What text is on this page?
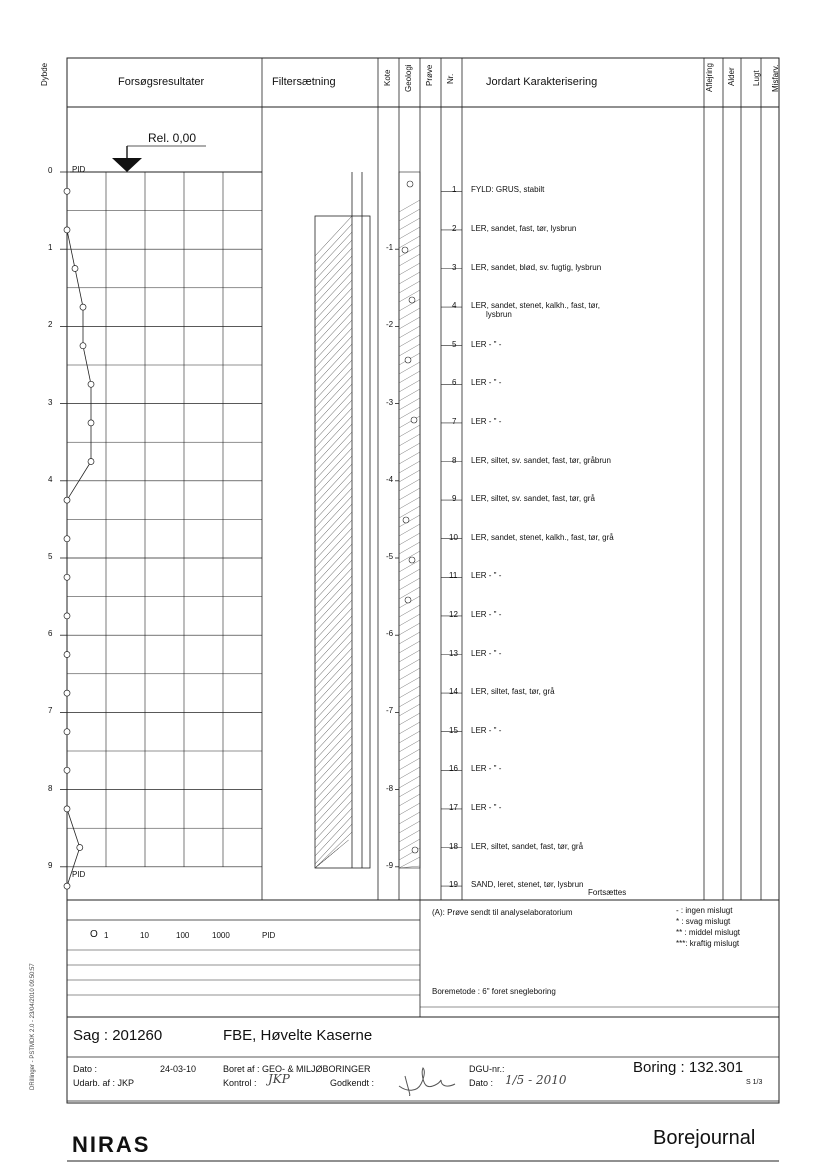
Dybde	Forsøgsresultater	Filtersætning	Kote Geologi Prøve Nr.	Jordart Karakterisering	Aflejring Alder Lugt Misfarv.
Rel. 0,00
PID
PID
0
1
2
3
4
5
6
7
8
9
-1
-2
-3
-4
-5
-6
-7
-8
-9
1 FYLD: GRUS, stabilt
2 LER, sandet, fast, tør, lysbrun
3 LER, sandet, blød, sv. fugtig, lysbrun
4 LER, sandet, stenet, kalkh., fast, tør,
lysbrun
5 LER - " -
6 LER - " -
7 LER - " -
8 LER, siltet, sv. sandet, fast, tør, gråbrun
9 LER, siltet, sv. sandet, fast, tør, grå
10 LER, sandet, stenet, kalkh., fast, tør, grå
11 LER - " -
12 LER - " -
13 LER - " -
14 LER, siltet, fast, tør, grå
15 LER - " -
16 LER - " -
17 LER - " -
18 LER, siltet, sandet, fast, tør, grå
19 SAND, leret, stenet, tør, lysbrun
Fortsættes
O 1	10	100	1000	PID
(A): Prøve sendt til analyselaboratorium	- : ingen mislugt
* : svag mislugt
** : middel mislugt
***: kraftig mislugt
Boremetode : 6" foret snegleboring
DRillinger - PSTMDK 2.0 - 23/04/2010 09:50:57 Sag : 201260	FBE, Høvelte Kaserne
Dato :	24-03-10
Udarb. af : JKP
Boret af : GEO- & MILJØBORINGER
Kontrol : JKP	Godkendt :
DGU-nr.:
Dato : 1/5 - 2010
Boring : 132.301
S 1/3
NIRAS	Borejournal
